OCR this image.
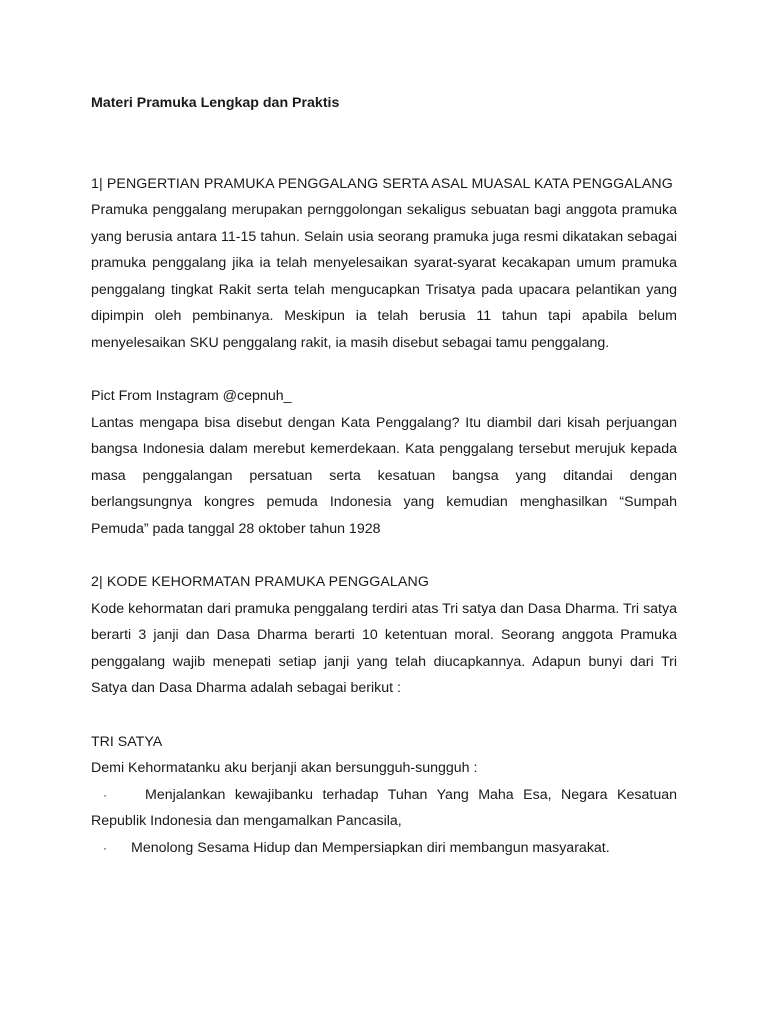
Materi Pramuka Lengkap dan Praktis

1| PENGERTIAN PRAMUKA PENGGALANG SERTA ASAL MUASAL KATA PENGGALANG

Pramuka penggalang merupakan pernggolongan sekaligus sebuatan bagi anggota pramuka yang berusia antara 11-15 tahun. Selain usia seorang pramuka juga resmi dikatakan sebagai pramuka penggalang jika ia telah menyelesaikan syarat-syarat kecakapan umum pramuka penggalang tingkat Rakit serta telah mengucapkan Trisatya pada upacara pelantikan yang dipimpin oleh pembinanya. Meskipun ia telah berusia 11 tahun tapi apabila belum menyelesaikan SKU penggalang rakit, ia masih disebut sebagai tamu penggalang.

Pict From Instagram @cepnuh_

Lantas mengapa bisa disebut dengan Kata Penggalang? Itu diambil dari kisah perjuangan bangsa Indonesia dalam merebut kemerdekaan. Kata penggalang tersebut merujuk kepada masa penggalangan persatuan serta kesatuan bangsa yang ditandai dengan berlangsungnya kongres pemuda Indonesia yang kemudian menghasilkan “Sumpah Pemuda” pada tanggal 28 oktober tahun 1928

2| KODE KEHORMATAN PRAMUKA PENGGALANG

Kode kehormatan dari pramuka penggalang terdiri atas Tri satya dan Dasa Dharma. Tri satya berarti 3 janji dan Dasa Dharma berarti 10 ketentuan moral. Seorang anggota Pramuka penggalang wajib menepati setiap janji yang telah diucapkannya. Adapun bunyi dari Tri Satya dan Dasa Dharma adalah sebagai berikut :

TRI SATYA

Demi Kehormatanku aku berjanji akan bersungguh-sungguh :

·	Menjalankan kewajibanku terhadap Tuhan Yang Maha Esa, Negara Kesatuan Republik Indonesia dan mengamalkan Pancasila,

· Menolong Sesama Hidup dan Mempersiapkan diri membangun masyarakat.
